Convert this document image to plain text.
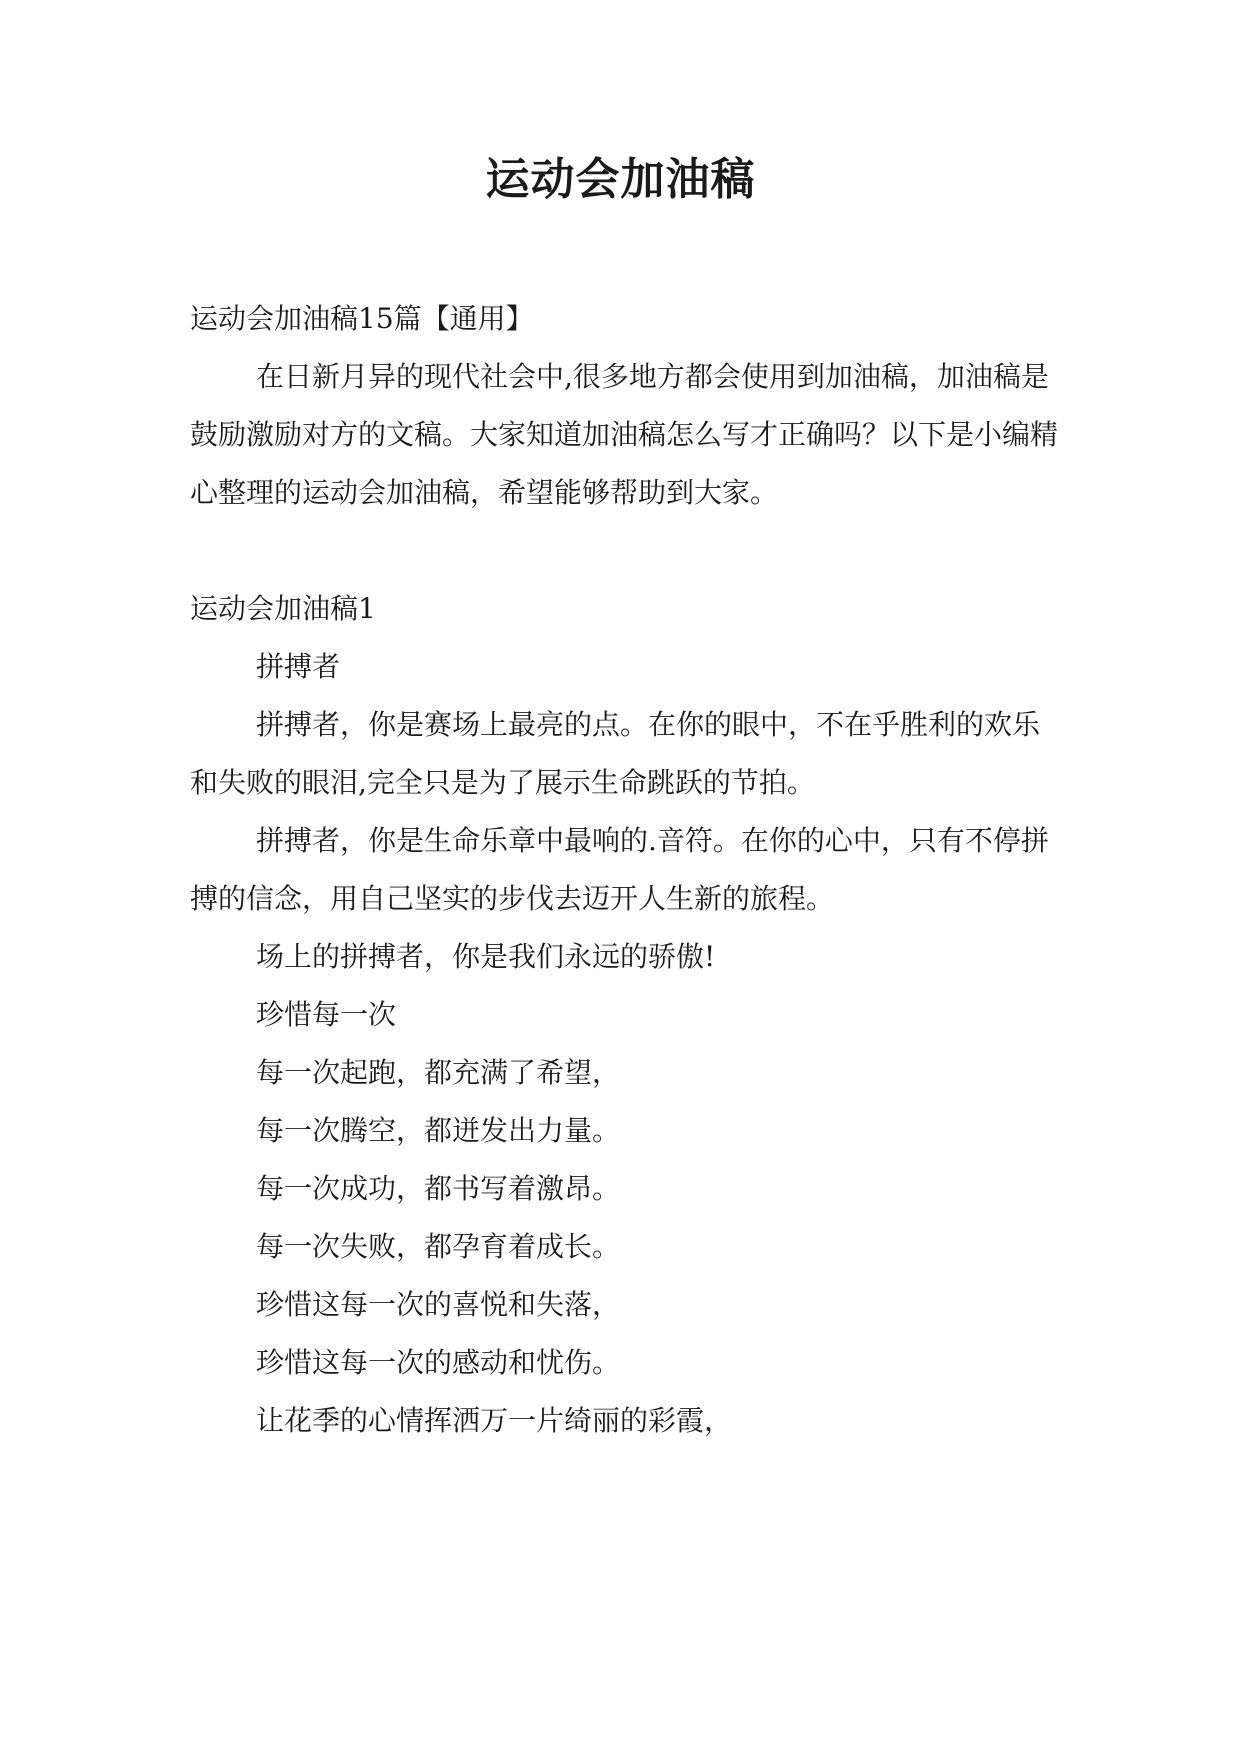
运动会加油稿

运动会加油稿15篇【通用】

在日新月异的现代社会中,很多地方都会使用到加油稿，加油稿是鼓励激励对方的文稿。大家知道加油稿怎么写才正确吗？以下是小编精心整理的运动会加油稿，希望能够帮助到大家。

运动会加油稿1

拼搏者

拼搏者，你是赛场上最亮的点。在你的眼中，不在乎胜利的欢乐和失败的眼泪,完全只是为了展示生命跳跃的节拍。

拼搏者，你是生命乐章中最响的.音符。在你的心中，只有不停拼搏的信念，用自己坚实的步伐去迈开人生新的旅程。

场上的拼搏者，你是我们永远的骄傲!

珍惜每一次

每一次起跑，都充满了希望，

每一次腾空，都迸发出力量。

每一次成功，都书写着激昂。

每一次失败，都孕育着成长。

珍惜这每一次的喜悦和失落，

珍惜这每一次的感动和忧伤。

让花季的心情挥洒万一片绮丽的彩霞，
